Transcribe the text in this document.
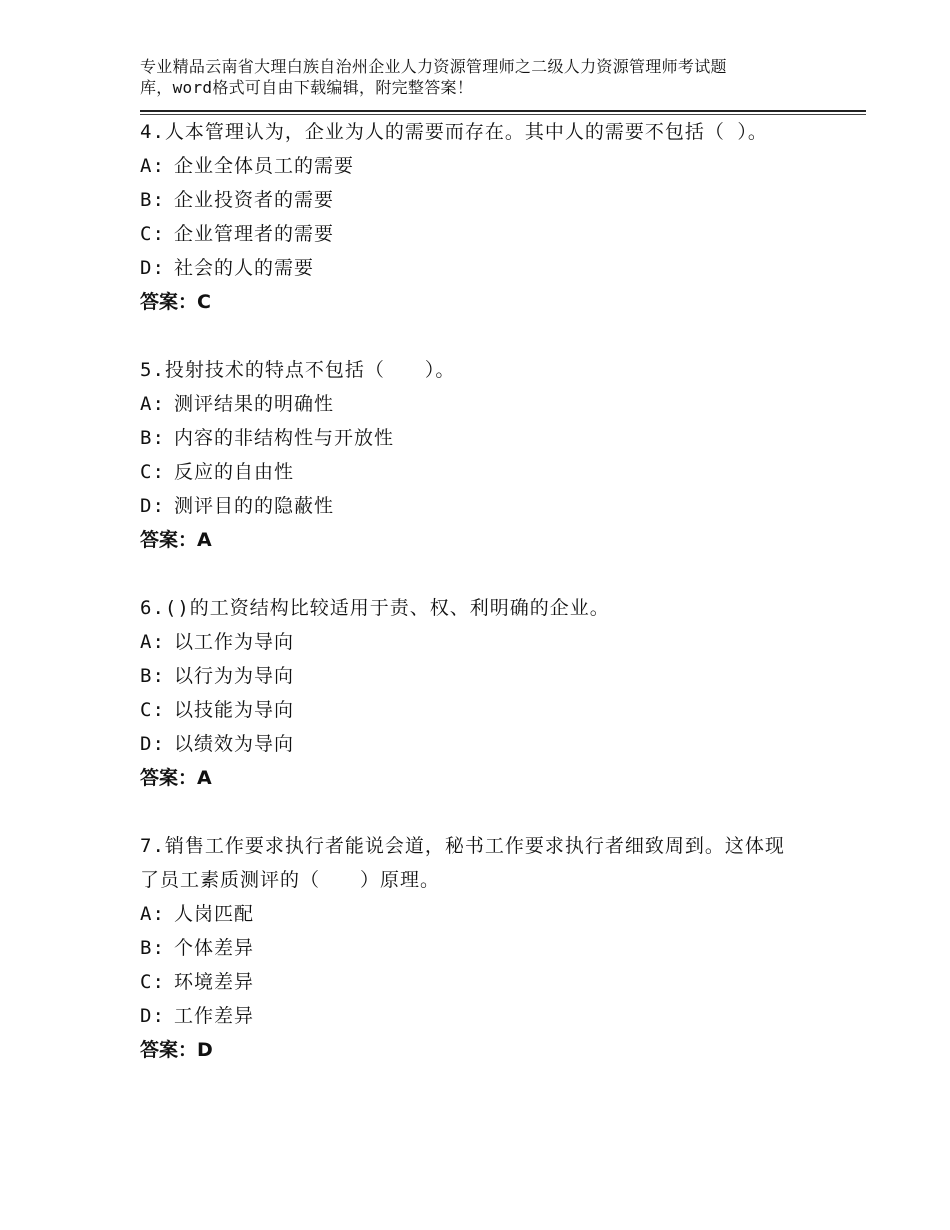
专业精品云南省大理白族自治州企业人力资源管理师之二级人力资源管理师考试题
库，word格式可自由下载编辑，附完整答案！
4.人本管理认为，企业为人的需要而存在。其中人的需要不包括（ ）。
A: 企业全体员工的需要
B: 企业投资者的需要
C: 企业管理者的需要
D: 社会的人的需要
答案：C
5.投射技术的特点不包括（　　）。
A: 测评结果的明确性
B: 内容的非结构性与开放性
C: 反应的自由性
D: 测评目的的隐蔽性
答案：A
6.()的工资结构比较适用于责、权、利明确的企业。
A: 以工作为导向
B: 以行为为导向
C: 以技能为导向
D: 以绩效为导向
答案：A
7.销售工作要求执行者能说会道，秘书工作要求执行者细致周到。这体现了员工素质测评的（　　）原理。
A: 人岗匹配
B: 个体差异
C: 环境差异
D: 工作差异
答案：D
